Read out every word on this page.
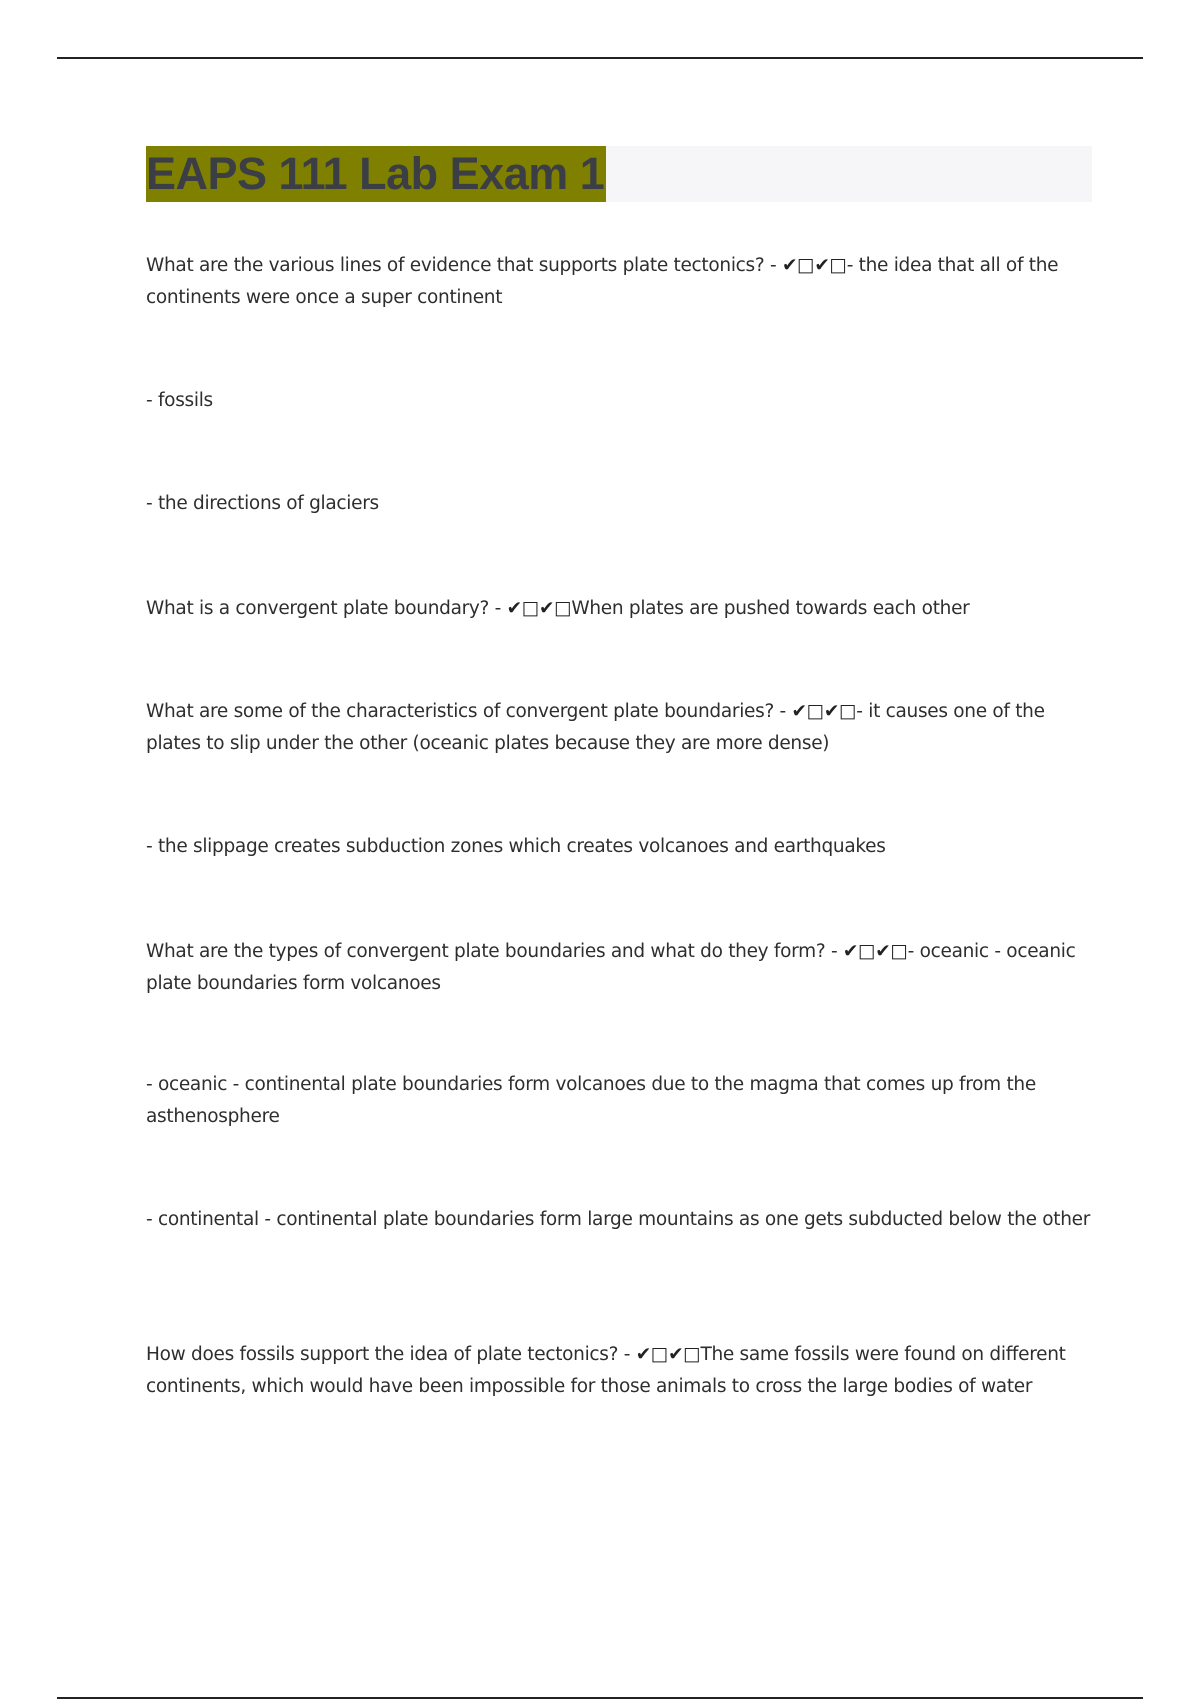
EAPS 111 Lab Exam 1

What are the various lines of evidence that supports plate tectonics? - ✔□✔□- the idea that all of the continents were once a super continent

- fossils

- the directions of glaciers

What is a convergent plate boundary? - ✔□✔□When plates are pushed towards each other

What are some of the characteristics of convergent plate boundaries? - ✔□✔□- it causes one of the plates to slip under the other (oceanic plates because they are more dense)

- the slippage creates subduction zones which creates volcanoes and earthquakes

What are the types of convergent plate boundaries and what do they form? - ✔□✔□- oceanic - oceanic plate boundaries form volcanoes

- oceanic - continental plate boundaries form volcanoes due to the magma that comes up from the asthenosphere

- continental - continental plate boundaries form large mountains as one gets subducted below the other

How does fossils support the idea of plate tectonics? - ✔□✔□The same fossils were found on different continents, which would have been impossible for those animals to cross the large bodies of water
